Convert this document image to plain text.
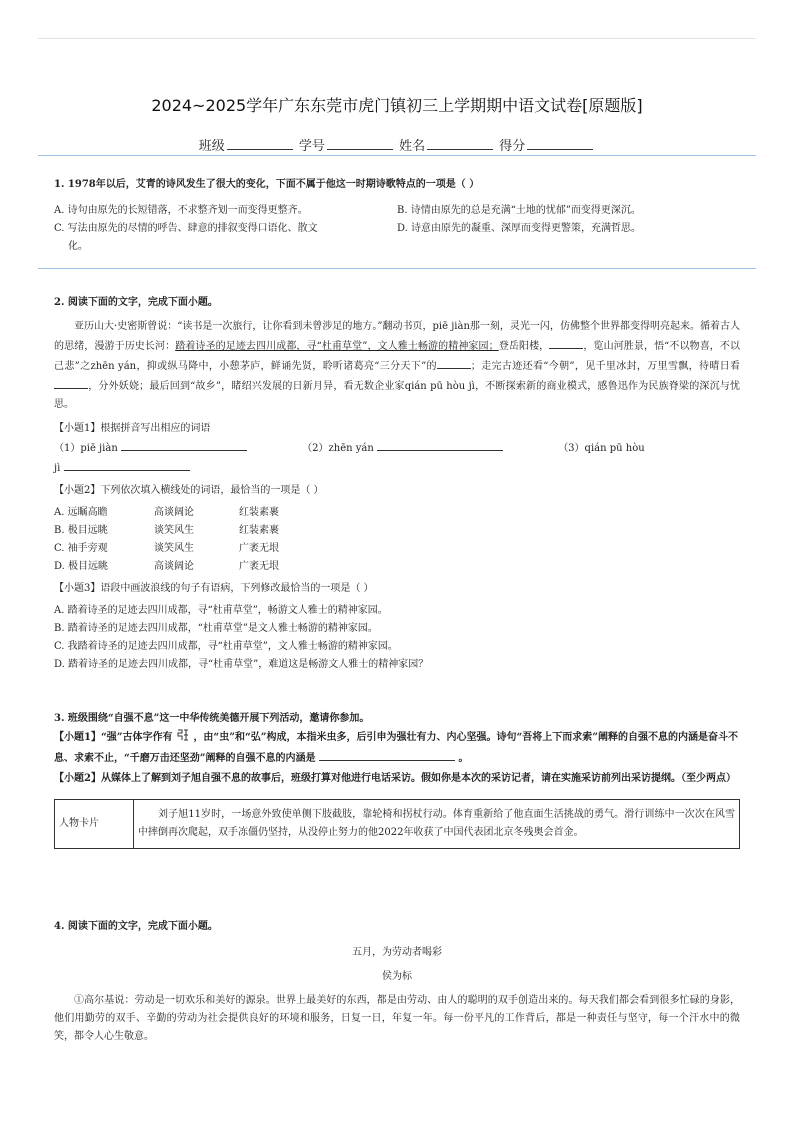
2024~2025学年广东东莞市虎门镇初三上学期期中语文试卷[原题版]
班级	学号	姓名	得分
1. 1978年以后，艾青的诗风发生了很大的变化，下面不属于他这一时期诗歌特点的一项是（ ）
A. 诗句由原先的长短错落，不求整齐划一而变得更整齐。	B. 诗情由原先的总是充满“土地的忧郁”而变得更深沉。
C. 写法由原先的尽情的呼告、肆意的排叙变得口语化、散文
化。
D. 诗意由原先的凝重、深厚而变得更警策，充满哲思。
2. 阅读下面的文字，完成下面小题。
亚历山大·史密斯曾说：“读书是一次旅行，让你看到未曾涉足的地方。”翻动书页，piē jiàn那一刻，灵光一闪，仿佛整个世界都变得明亮起来。循着古人的思绪，漫游于历史长河：踏着诗圣的足迹去四川成都，寻“杜甫草堂”，文人雅士畅游的精神家园；登岳阳楼，	，览山河胜景，悟“不以物喜，不以己悲”之zhēn yán，抑或纵马降中，小憩茅庐，鲜诵先贤，聆听诸葛亮“三分天下”的	；走完古迹还看“今朝”，见千里冰封，万里雪飘，待晴日看，分外妖娆；最后回到“故乡”，睹绍兴发展的日新月异，看无数企业家qián pū hòu jì，不断探索新的商业模式，感鲁迅作为民族脊梁的深沉与忧思。
【小题1】根据拼音写出相应的词语
（1）piē jiàn	（2）zhēn yán	（3）qián pū hòu
jì
【小题2】下列依次填入横线处的词语，最恰当的一项是（ ）
A. 远瞩高瞻	高谈阔论	红装素裹
B. 极目远眺	谈笑风生	红装素裹
C. 袖手旁观	谈笑风生	广袤无垠
D. 极目远眺	高谈阔论	广袤无垠
【小题3】语段中画波浪线的句子有语病，下列修改最恰当的一项是（ ）
A. 踏着诗圣的足迹去四川成都，寻“杜甫草堂”，畅游文人雅士的精神家园。
B. 踏着诗圣的足迹去四川成都，“杜甫草堂”是文人雅士畅游的精神家园。
C. 我踏着诗圣的足迹去四川成都，寻“杜甫草堂”，文人雅士畅游的精神家园。
D. 踏着诗圣的足迹去四川成都，寻“杜甫草堂”，难道这是畅游文人雅士的精神家园？
3. 班级围绕“自强不息”这一中华传统美德开展下列活动，邀请你参加。
【小题1】“强”古体字作有 ，由“虫”和“弘”构成，本指米虫多，后引申为强壮有力、内心坚强。诗句“吾将上下而求索”阐释的自强不息的内涵是奋斗不息、求索不止，“千磨万击还坚劲”阐释的自强不息的内涵是	。
【小题2】从媒体上了解到刘子旭自强不息的故事后，班级打算对他进行电话采访。假如你是本次的采访记者，请在实施采访前列出采访提纲。（至少两点）
人物卡片	
刘子旭11岁时，一场意外致使单侧下肢截肢，靠轮椅和拐杖行动。体育重新给了他直面生活挑战的勇气。滑行训练中一次次在风雪中摔倒再次爬起，双手冻僵仍坚持，从没停止努力的他2022年收获了中国代表团北京冬残奥会首金。
4. 阅读下面的文字，完成下面小题。
五月，为劳动者喝彩
侯为标
①高尔基说：劳动是一切欢乐和美好的源泉。世界上最美好的东西，都是由劳动、由人的聪明的双手创造出来的。每天我们都会看到很多忙碌的身影，他们用勤劳的双手、辛勤的劳动为社会提供良好的环境和服务，日复一日，年复一年。每一份平凡的工作背后，都是一种责任与坚守，每一个汗水中的微笑，都令人心生敬意。
